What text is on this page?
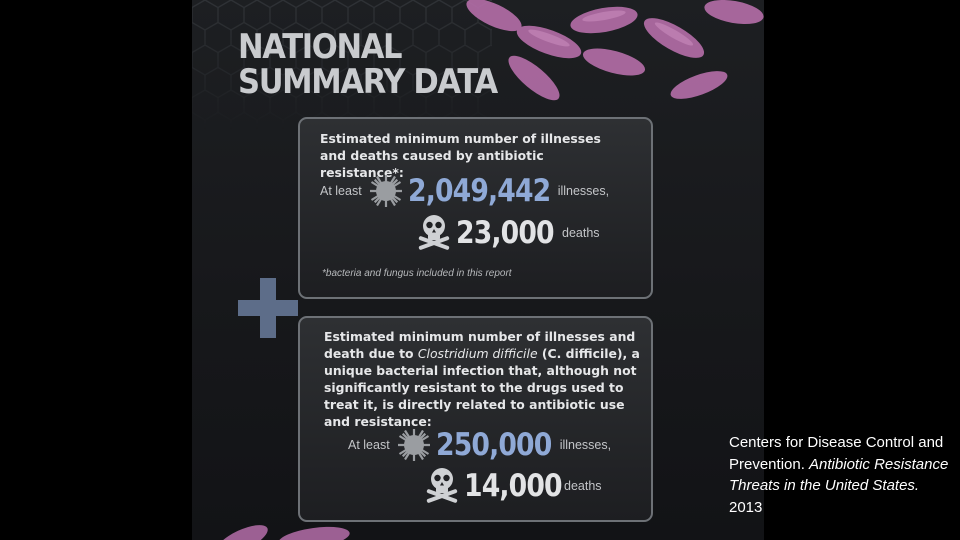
NATIONAL
SUMMARY DATA

Estimated minimum number of illnesses and deaths caused by antibiotic resistance*:

At least 2,049,442 illnesses,
23,000 deaths
*bacteria and fungus included in this report

Estimated minimum number of illnesses and death due to Clostridium difficile (C. difficile), a unique bacterial infection that, although not significantly resistant to the drugs used to treat it, is directly related to antibiotic use and resistance:

At least 250,000 illnesses,
14,000 deaths

Centers for Disease Control and Prevention. Antibiotic Resistance Threats in the United States. 2013
